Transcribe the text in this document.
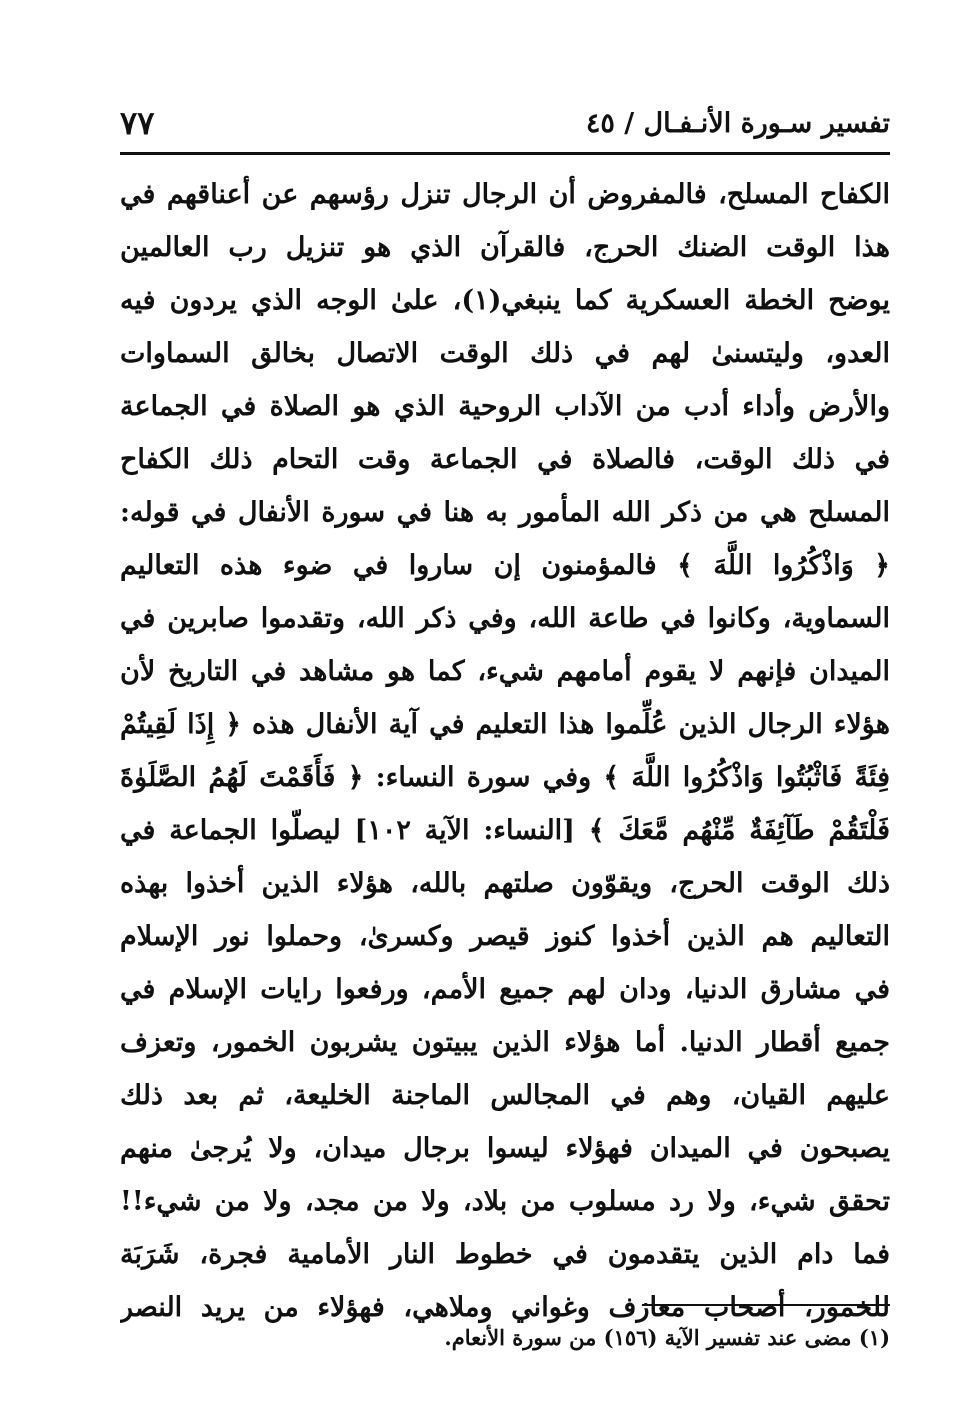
تفسير سـورة الأنـفـال / ٤٥
٧٧
الكفاح المسلح، فالمفروض أن الرجال تنزل رؤسهم عن أعناقهم في
هذا الوقت الضنك الحرج، فالقرآن الذي هو تنزيل رب العالمين
يوضح الخطة العسكرية كما ينبغي(١)، علىٰ الوجه الذي يردون فيه
العدو، وليتسنىٰ لهم في ذلك الوقت الاتصال بخالق السماوات
والأرض وأداء أدب من الآداب الروحية الذي هو الصلاة في الجماعة
في ذلك الوقت، فالصلاة في الجماعة وقت التحام ذلك الكفاح
المسلح هي من ذكر الله المأمور به هنا في سورة الأنفال في قوله:
﴿ وَاذْكُرُوا اللَّهَ ﴾ فالمؤمنون إن ساروا في ضوء هذه التعاليم
السماوية، وكانوا في طاعة الله، وفي ذكر الله، وتقدموا صابرين في
الميدان فإنهم لا يقوم أمامهم شيء، كما هو مشاهد في التاريخ لأن
هؤلاء الرجال الذين عُلِّموا هذا التعليم في آية الأنفال هذه ﴿ إِذَا لَقِيتُمْ
فِئَةً فَاثْبُتُوا وَاذْكُرُوا اللَّهَ ﴾ وفي سورة النساء: ﴿ فَأَقَمْتَ لَهُمُ الصَّلَوٰةَ
فَلْتَقُمْ طَآئِفَةٌ مِّنْهُم مَّعَكَ ﴾ [النساء: الآية ١٠٢] ليصلّوا الجماعة في
ذلك الوقت الحرج، ويقوّون صلتهم بالله، هؤلاء الذين أخذوا بهذه
التعاليم هم الذين أخذوا كنوز قيصر وكسرىٰ، وحملوا نور الإسلام
في مشارق الدنيا، ودان لهم جميع الأمم، ورفعوا رايات الإسلام في
جميع أقطار الدنيا. أما هؤلاء الذين يبيتون يشربون الخمور، وتعزف
عليهم القيان، وهم في المجالس الماجنة الخليعة، ثم بعد ذلك
يصبحون في الميدان فهؤلاء ليسوا برجال ميدان، ولا يُرجىٰ منهم
تحقق شيء، ولا رد مسلوب من بلاد، ولا من مجد، ولا من شيء!!
فما دام الذين يتقدمون في خطوط النار الأمامية فجرة، شَرَبَة
للخمور، أصحاب معازف وغواني وملاهي، فهؤلاء من يريد النصر
(١) مضى عند تفسير الآية (١٥٦) من سورة الأنعام.
